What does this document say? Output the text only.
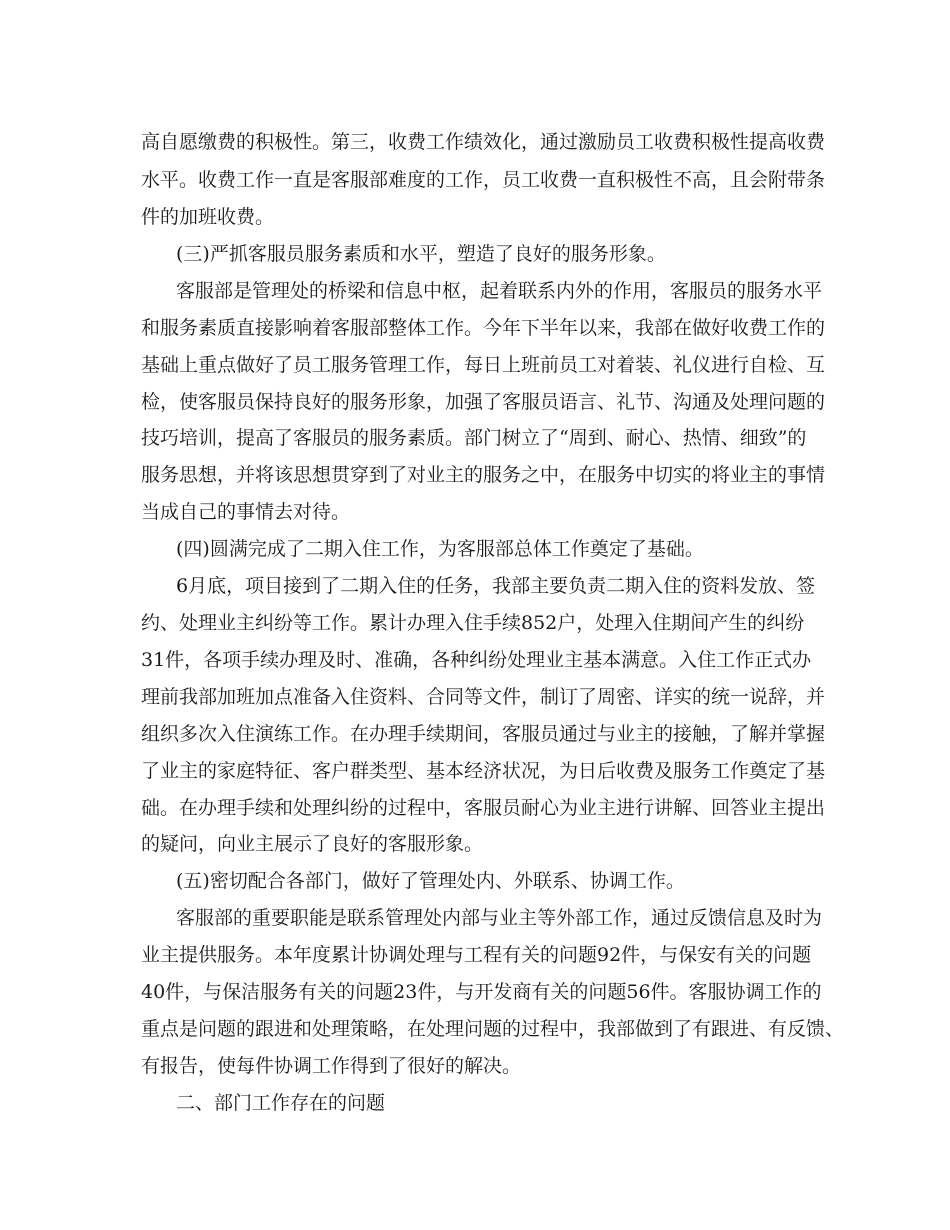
高自愿缴费的积极性。第三，收费工作绩效化，通过激励员工收费积极性提高收费
水平。收费工作一直是客服部难度的工作，员工收费一直积极性不高，且会附带条
件的加班收费。
(三)严抓客服员服务素质和水平，塑造了良好的服务形象。
客服部是管理处的桥梁和信息中枢，起着联系内外的作用，客服员的服务水平
和服务素质直接影响着客服部整体工作。今年下半年以来，我部在做好收费工作的
基础上重点做好了员工服务管理工作，每日上班前员工对着装、礼仪进行自检、互
检，使客服员保持良好的服务形象，加强了客服员语言、礼节、沟通及处理问题的
技巧培训，提高了客服员的服务素质。部门树立了“周到、耐心、热情、细致”的
服务思想，并将该思想贯穿到了对业主的服务之中，在服务中切实的将业主的事情
当成自己的事情去对待。
(四)圆满完成了二期入住工作，为客服部总体工作奠定了基础。
6月底，项目接到了二期入住的任务，我部主要负责二期入住的资料发放、签
约、处理业主纠纷等工作。累计办理入住手续852户，处理入住期间产生的纠纷
31件，各项手续办理及时、准确，各种纠纷处理业主基本满意。入住工作正式办
理前我部加班加点准备入住资料、合同等文件，制订了周密、详实的统一说辞，并
组织多次入住演练工作。在办理手续期间，客服员通过与业主的接触，了解并掌握
了业主的家庭特征、客户群类型、基本经济状况，为日后收费及服务工作奠定了基
础。在办理手续和处理纠纷的过程中，客服员耐心为业主进行讲解、回答业主提出
的疑问，向业主展示了良好的客服形象。
(五)密切配合各部门，做好了管理处内、外联系、协调工作。
客服部的重要职能是联系管理处内部与业主等外部工作，通过反馈信息及时为
业主提供服务。本年度累计协调处理与工程有关的问题92件，与保安有关的问题
40件，与保洁服务有关的问题23件，与开发商有关的问题56件。客服协调工作的
重点是问题的跟进和处理策略，在处理问题的过程中，我部做到了有跟进、有反馈、
有报告，使每件协调工作得到了很好的解决。
二、部门工作存在的问题
